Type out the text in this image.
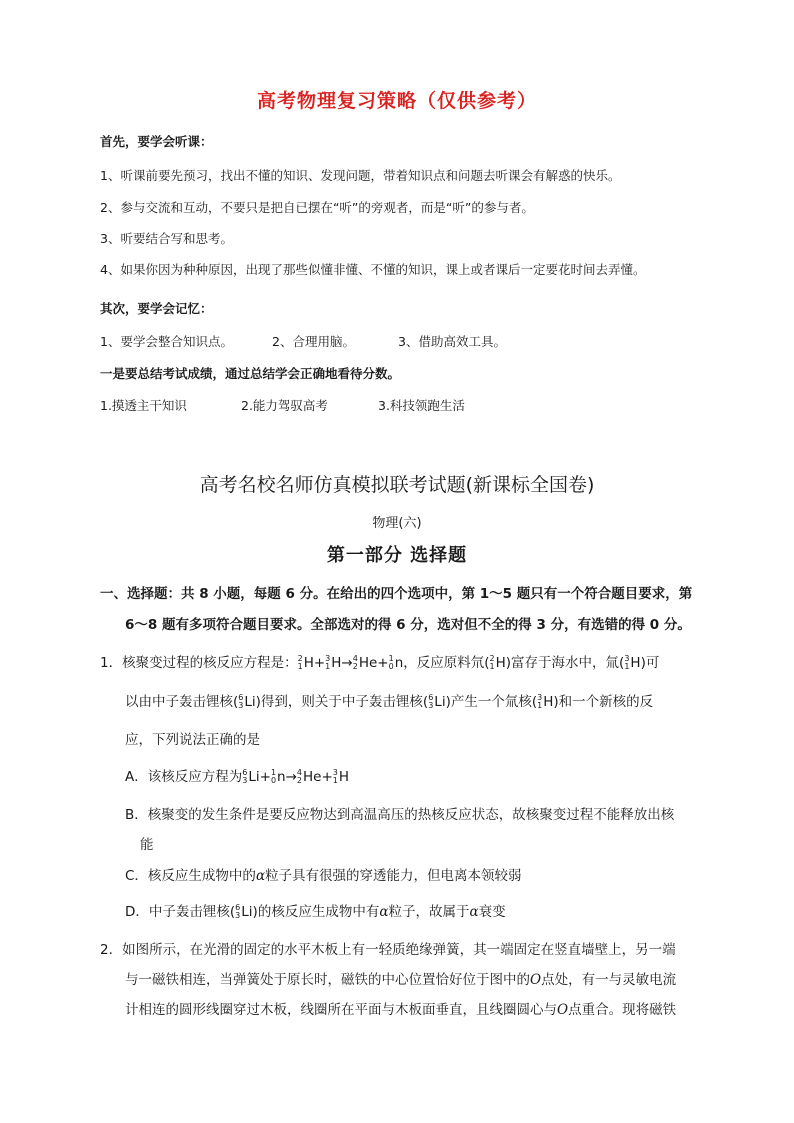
高考物理复习策略（仅供参考）
首先，要学会听课：
1、听课前要先预习，找出不懂的知识、发现问题，带着知识点和问题去听课会有解惑的快乐。
2、参与交流和互动，不要只是把自已摆在“听”的旁观者，而是“听”的参与者。
3、听要结合写和思考。
4、如果你因为种种原因，出现了那些似懂非懂、不懂的知识，课上或者课后一定要花时间去弄懂。
其次，要学会记忆：
1、要学会整合知识点。	2、合理用脑。	3、借助高效工具。
一是要总结考试成绩，通过总结学会正确地看待分数。
1.摸透主干知识	2.能力驾驭高考	3.科技领跑生活
高考名校名师仿真模拟联考试题(新课标全国卷)
物理(六)
第一部分 选择题
一、选择题：共 8 小题，每题 6 分。在给出的四个选项中，第 1～5 题只有一个符合题目要求，第
6～8 题有多项符合题目要求。全部选对的得 6 分，选对但不全的得 3 分，有选错的得 0 分。
1．核聚变过程的核反应方程是： 2
1 H+ 3
1 H→ 4
2 He+ 1
0 n，反应原料氘( 2
1 H)富存于海水中，氚( 3
1 H)可
以由中子轰击锂核( 6
3 Li)得到，则关于中子轰击锂核( 6
3 Li)产生一个氚核( 3
1 H)和一个新核的反
应，下列说法正确的是
A．该核反应方程为 6
3 Li+ 1
0 n→ 4
2 He+ 3
1 H
B．核聚变的发生条件是要反应物达到高温高压的热核反应状态，故核聚变过程不能释放出核
能
C．核反应生成物中的α粒子具有很强的穿透能力，但电离本领较弱
D．中子轰击锂核( 6
3 Li)的核反应生成物中有α粒子，故属于α衰变
2．如图所示，在光滑的固定的水平木板上有一轻质绝缘弹簧，其一端固定在竖直墙壁上，另一端
与一磁铁相连，当弹簧处于原长时，磁铁的中心位置恰好位于图中的O点处，有一与灵敏电流
计相连的圆形线圈穿过木板，线圈所在平面与木板面垂直，且线圈圆心与O点重合。现将磁铁
